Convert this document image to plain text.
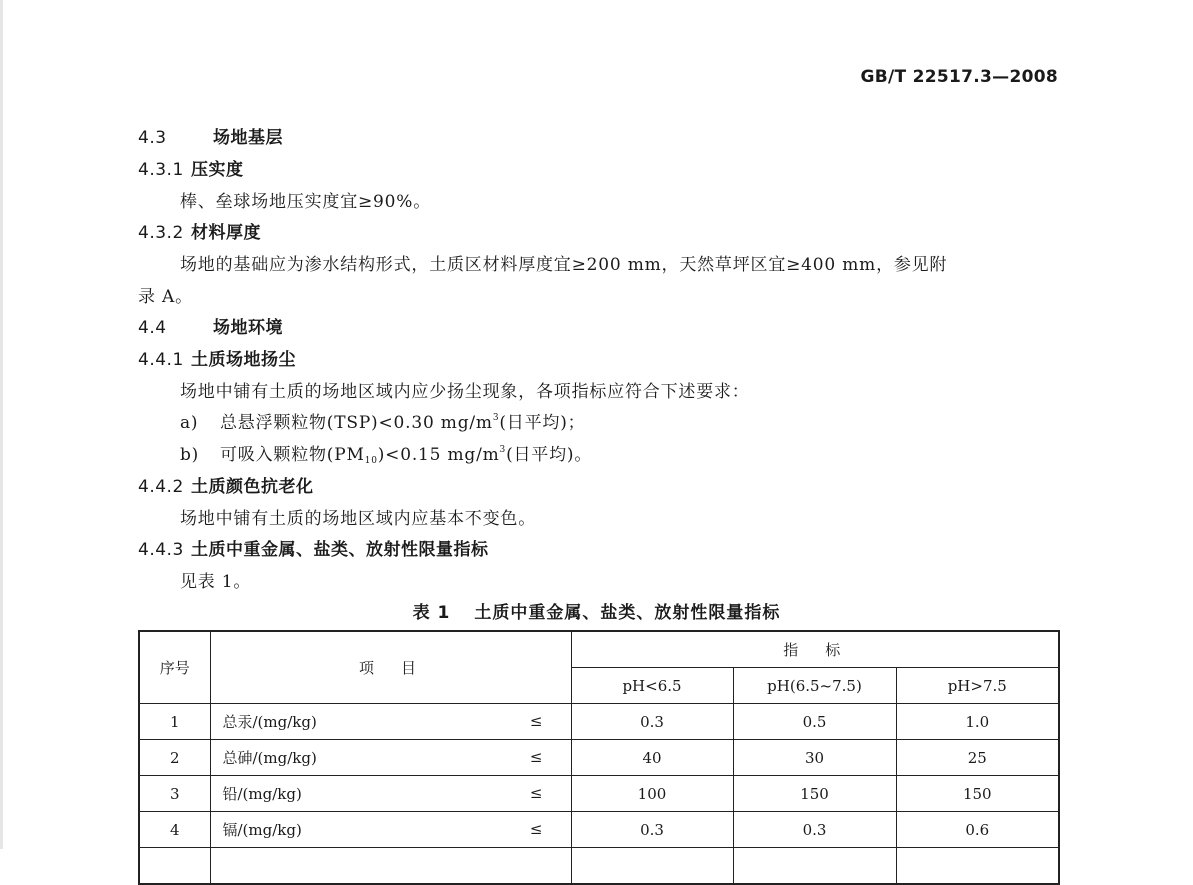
GB/T 22517.3—2008
4.3	场地基层
4.3.1 压实度
棒、垒球场地压实度宜≥90%。
4.3.2 材料厚度
场地的基础应为渗水结构形式，土质区材料厚度宜≥200 mm，天然草坪区宜≥400 mm，参见附
录 A。
4.4	场地环境
4.4.1 土质场地扬尘
场地中铺有土质的场地区域内应少扬尘现象，各项指标应符合下述要求：
a) 总悬浮颗粒物(TSP)<0.30 $mg/m^3$(日平均)；
b) 可吸入颗粒物$(PM_{10})<0.15$ $mg/m^3$(日平均)。
4.4.2 土质颜色抗老化
场地中铺有土质的场地区域内应基本不变色。
4.4.3 土质中重金属、盐类、放射性限量指标
见表 1。
表 1 土质中重金属、盐类、放射性限量指标
序号	项　目	指　标		
		pH<6.5	pH(6.5~7.5)	pH>7.5
1	总汞/(mg/kg) ≤	0.3	0.5	1.0
2	总砷/(mg/kg) ≤	40	30	25
3	铅/(mg/kg) ≤	100	150	150
4	镉/(mg/kg) ≤	0.3	0.3	0.6
